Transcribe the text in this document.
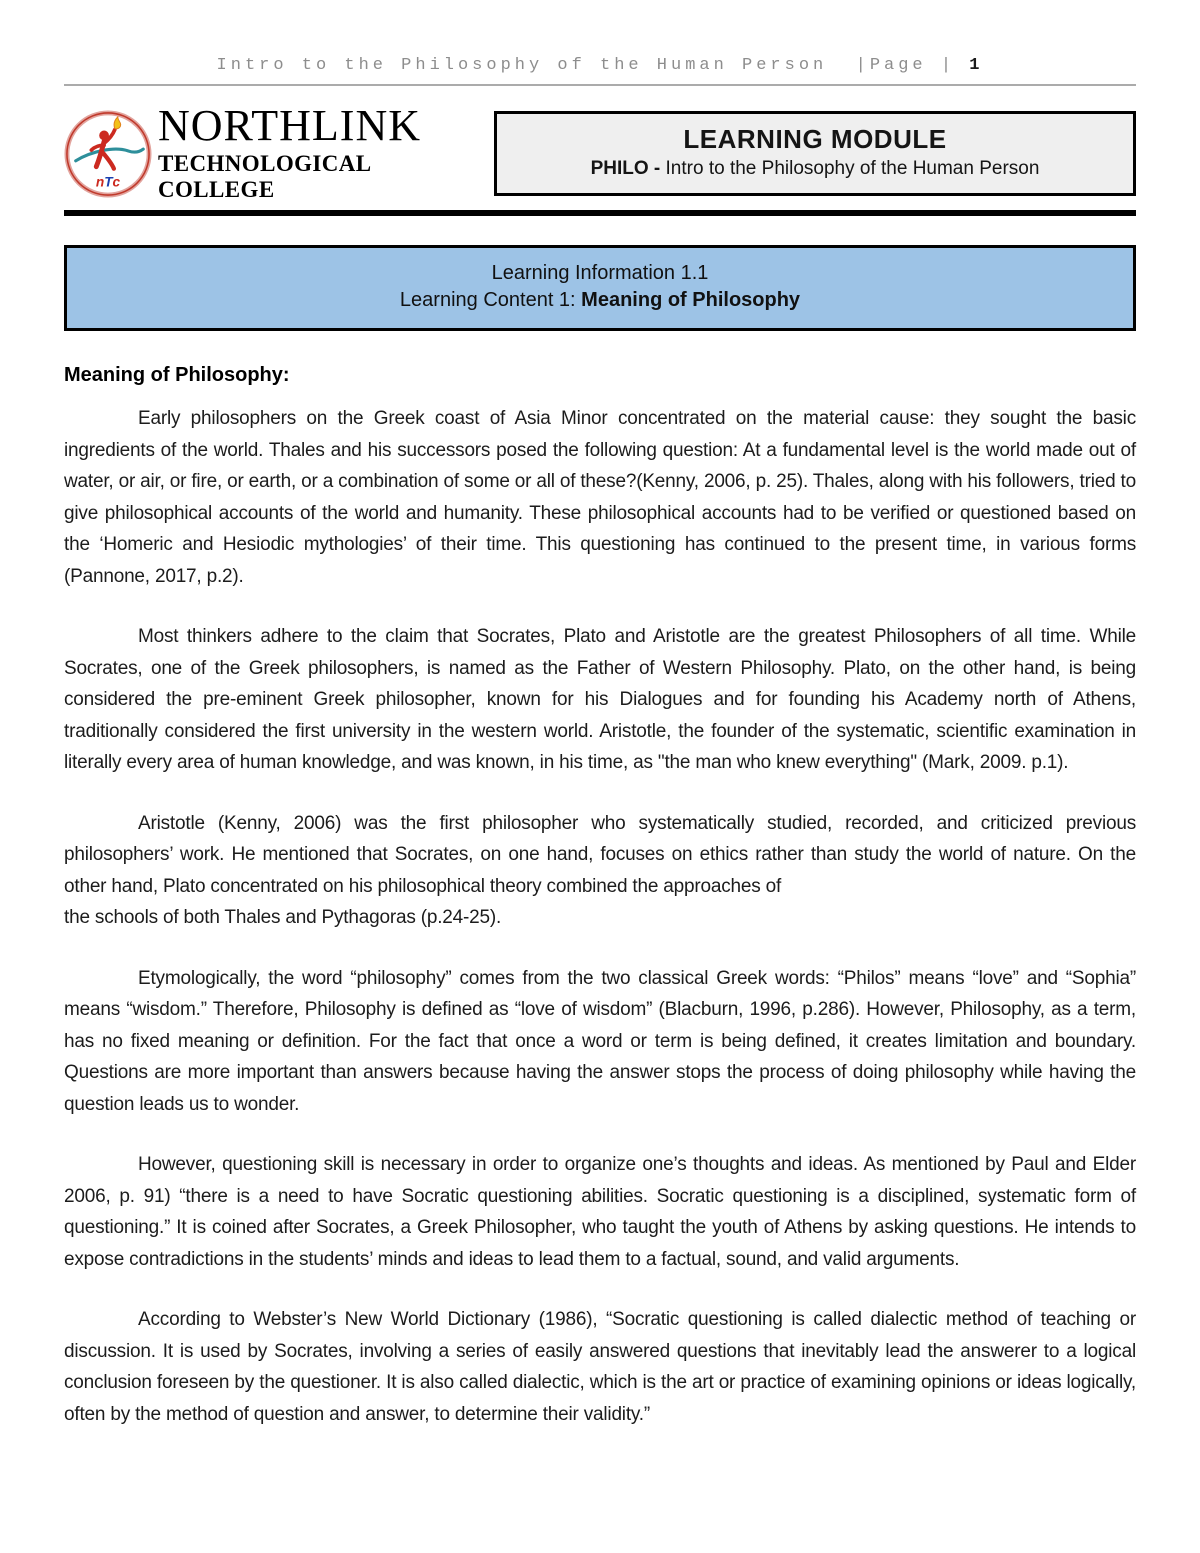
Intro to the Philosophy of the Human Person  |Page | 1
nTc
NORTHLINK
TECHNOLOGICAL COLLEGE
LEARNING MODULE
PHILO - Intro to the Philosophy of the Human Person
Learning Information 1.1
Learning Content 1: Meaning of Philosophy
Meaning of Philosophy:

Early philosophers on the Greek coast of Asia Minor concentrated on the material cause: they sought the basic ingredients of the world. Thales and his successors posed the following question: At a fundamental level is the world made out of water, or air, or fire, or earth, or a combination of some or all of these?(Kenny, 2006, p. 25). Thales, along with his followers, tried to give philosophical accounts of the world and humanity. These philosophical accounts had to be verified or questioned based on the ‘Homeric and Hesiodic mythologies’ of their time. This questioning has continued to the present time, in various forms (Pannone, 2017, p.2).

Most thinkers adhere to the claim that Socrates, Plato and Aristotle are the greatest Philosophers of all time. While Socrates, one of the Greek philosophers, is named as the Father of Western Philosophy. Plato, on the other hand, is being considered the pre-eminent Greek philosopher, known for his Dialogues and for founding his Academy north of Athens, traditionally considered the first university in the western world. Aristotle, the founder of the systematic, scientific examination in literally every area of human knowledge, and was known, in his time, as "the man who knew everything" (Mark, 2009. p.1).

Aristotle (Kenny, 2006) was the first philosopher who systematically studied, recorded, and criticized previous philosophers’ work. He mentioned that Socrates, on one hand, focuses on ethics rather than study the world of nature. On the other hand, Plato concentrated on his philosophical theory combined the approaches of
the schools of both Thales and Pythagoras (p.24-25).

Etymologically, the word “philosophy” comes from the two classical Greek words: “Philos” means “love” and “Sophia” means “wisdom.” Therefore, Philosophy is defined as “love of wisdom” (Blacburn, 1996, p.286). However, Philosophy, as a term, has no fixed meaning or definition. For the fact that once a word or term is being defined, it creates limitation and boundary. Questions are more important than answers because having the answer stops the process of doing philosophy while having the question leads us to wonder.

However, questioning skill is necessary in order to organize one’s thoughts and ideas. As mentioned by Paul and Elder 2006, p. 91) “there is a need to have Socratic questioning abilities. Socratic questioning is a disciplined, systematic form of questioning.” It is coined after Socrates, a Greek Philosopher, who taught the youth of Athens by asking questions. He intends to expose contradictions in the students’ minds and ideas to lead them to a factual, sound, and valid arguments.

According to Webster’s New World Dictionary (1986), “Socratic questioning is called dialectic method of teaching or discussion. It is used by Socrates, involving a series of easily answered questions that inevitably lead the answerer to a logical conclusion foreseen by the questioner. It is also called dialectic, which is the art or practice of examining opinions or ideas logically, often by the method of question and answer, to determine their validity.”
